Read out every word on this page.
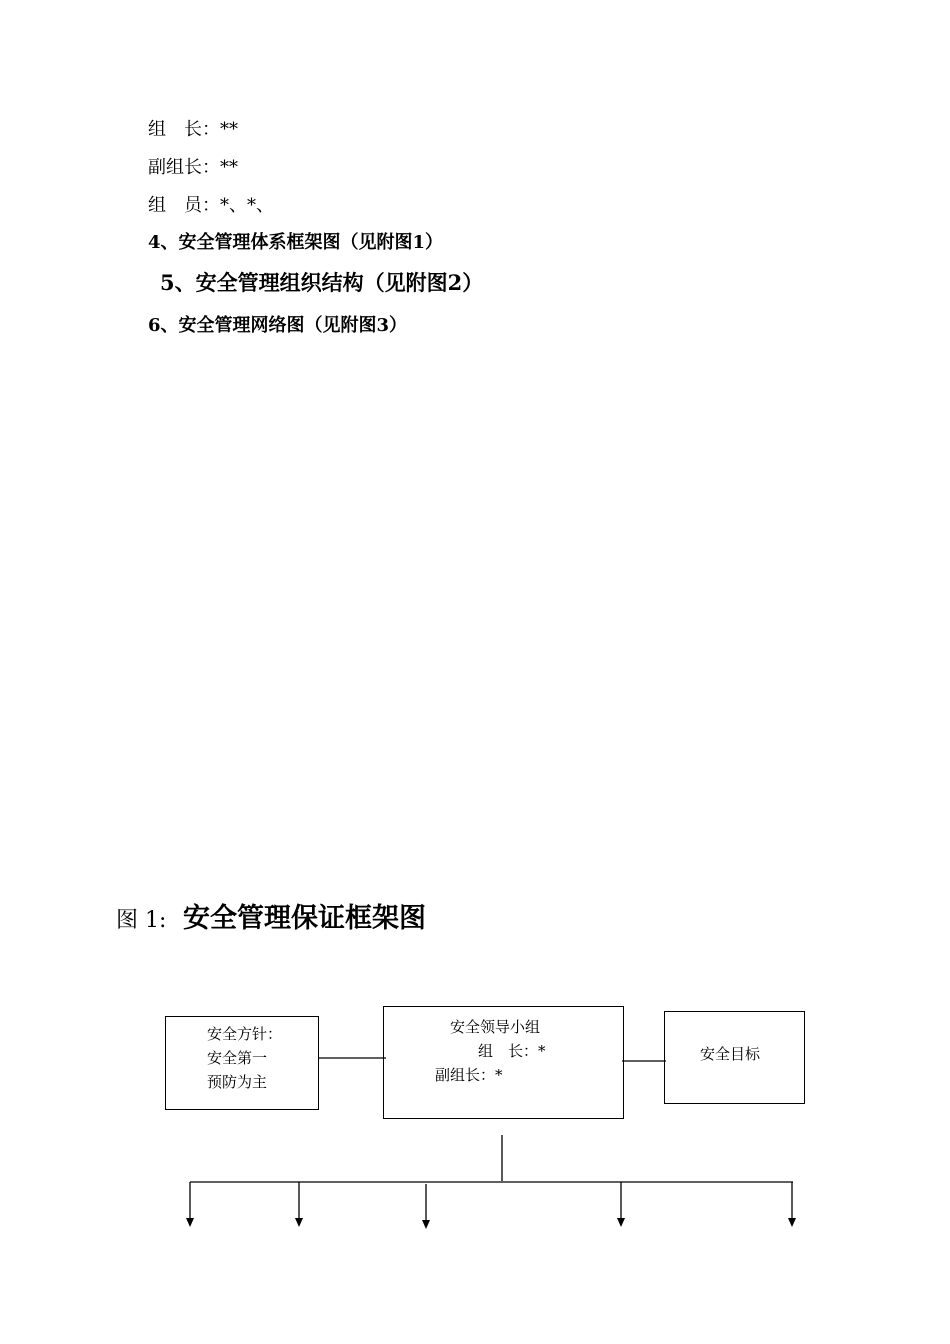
组　长：**
副组长：**
组　员：*、*、
4、安全管理体系框架图（见附图1）
5、安全管理组织结构（见附图2）
6、安全管理网络图（见附图3）
图 1: 安全管理保证框架图
安全方针：
安全第一
预防为主
安全领导小组
组　长：*
副组长：*
安全目标
